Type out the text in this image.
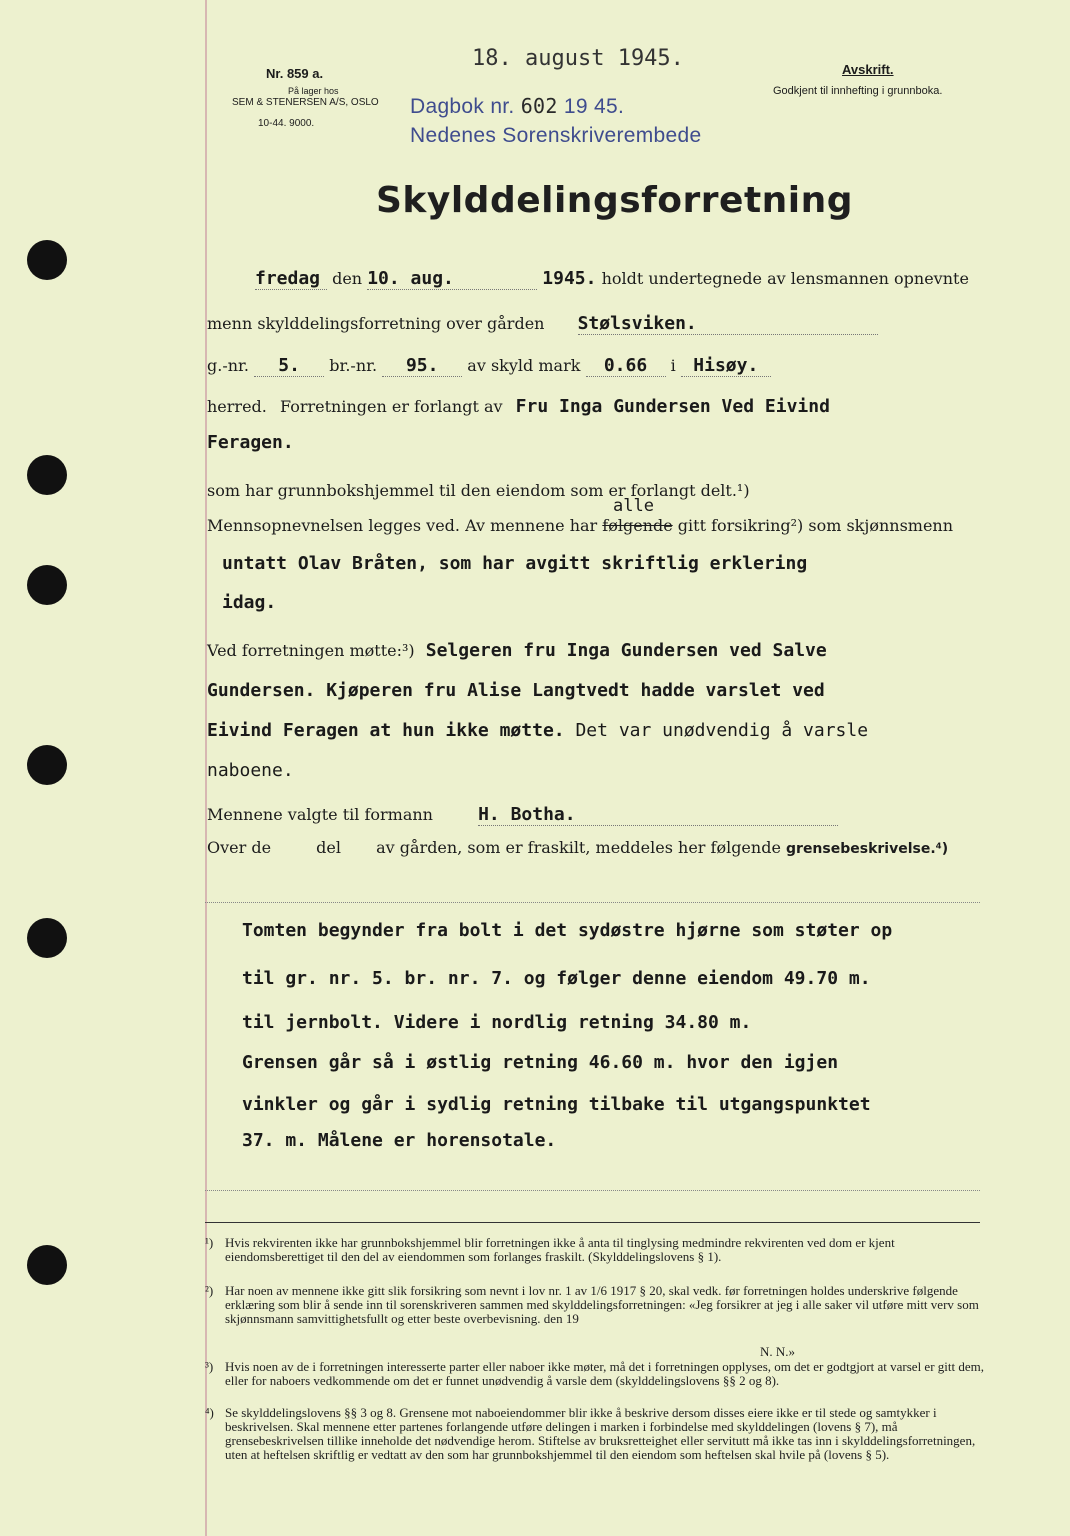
Nr. 859 a.
På lager hos
SEM & STENERSEN A/S, OSLO
10-44. 9000.
18. august 1945.
Dagbok nr. 602 19 45.
Nedenes Sorenskriverembede
Avskrift.
Godkjent til innhefting i grunnboka.
Skylddelingsforretning
fredag den 10. aug.	1945. holdt undertegnede av lensmannen opnevnte
menn skylddelingsforretning over gården Stølsviken.
g.-nr. 5. br.-nr. 95. av skyld mark 0.66 i Hisøy.
herred. Forretningen er forlangt av Fru Inga Gundersen Ved Eivind
Feragen.
alle
som har grunnbokshjemmel til den eiendom som er forlangt delt.¹)
Mennsopnevnelsen legges ved. Av mennene har følgende gitt forsikring²) som skjønnsmenn
untatt Olav Bråten, som har avgitt skriftlig erklering
idag.
Ved forretningen møtte:³) Selgeren fru Inga Gundersen ved Salve
Gundersen. Kjøperen fru Alise Langtvedt hadde varslet ved
Eivind Feragen at hun ikke møtte. Det var unødvendig å varsle
naboene.
Mennene valgte til formann	H. Botha.
Over de	del av gården, som er fraskilt, meddeles her følgende grensebeskrivelse.⁴)
Tomten begynder fra bolt i det sydøstre hjørne som støter op
til gr. nr. 5. br. nr. 7. og følger denne eiendom 49.70 m.
til jernbolt. Videre i nordlig retning 34.80 m.
Grensen går så i østlig retning 46.60 m. hvor den igjen
vinkler og går i sydlig retning tilbake til utgangspunktet
37. m. Målene er horensotale.
¹) Hvis rekvirenten ikke har grunnbokshjemmel blir forretningen ikke å anta til tinglysing medmindre rekvirenten ved dom er kjent eiendomsberettiget til den del av eiendommen som forlanges fraskilt. (Skylddelingslovens § 1).
²) Har noen av mennene ikke gitt slik forsikring som nevnt i lov nr. 1 av 1/6 1917 § 20, skal vedk. før forretningen holdes underskrive følgende erklæring som blir å sende inn til sorenskriveren sammen med skylddelingsforretningen: «Jeg forsikrer at jeg i alle saker vil utføre mitt verv som skjønnsmann samvittighetsfullt og etter beste overbevisning. den 19
N. N.»
³) Hvis noen av de i forretningen interesserte parter eller naboer ikke møter, må det i forretningen opplyses, om det er godtgjort at varsel er gitt dem, eller for naboers vedkommende om det er funnet unødvendig å varsle dem (skylddelingslovens §§ 2 og 8).
⁴) Se skylddelingslovens §§ 3 og 8. Grensene mot naboeiendommer blir ikke å beskrive dersom disses eiere ikke er til stede og samtykker i beskrivelsen. Skal mennene etter partenes forlangende utføre delingen i marken i forbindelse med skylddelingen (lovens § 7), må grensebeskrivelsen tillike inneholde det nødvendige herom. Stiftelse av bruksretteighet eller servitutt må ikke tas inn i skylddelingsforretningen, uten at heftelsen skriftlig er vedtatt av den som har grunnbokshjemmel til den eiendom som heftelsen skal hvile på (lovens § 5).
